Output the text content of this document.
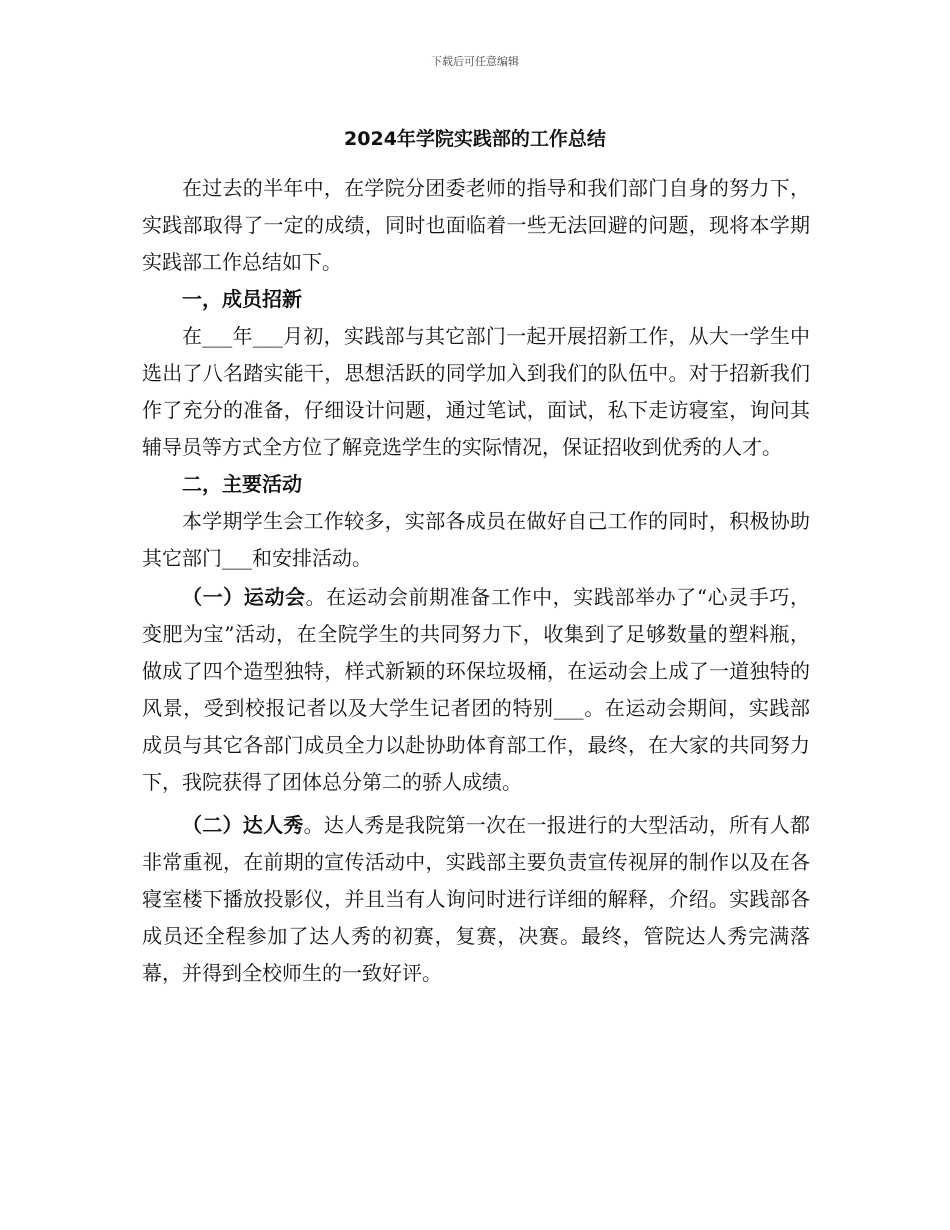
下载后可任意编辑
2024年学院实践部的工作总结

在过去的半年中，在学院分团委老师的指导和我们部门自身的努力下，实践部取得了一定的成绩，同时也面临着一些无法回避的问题，现将本学期实践部工作总结如下。

一，成员招新

在___年___月初，实践部与其它部门一起开展招新工作，从大一学生中选出了八名踏实能干，思想活跃的同学加入到我们的队伍中。对于招新我们作了充分的准备，仔细设计问题，通过笔试，面试，私下走访寝室，询问其辅导员等方式全方位了解竞选学生的实际情况，保证招收到优秀的人才。

二，主要活动

本学期学生会工作较多，实部各成员在做好自己工作的同时，积极协助其它部门___和安排活动。

（一）运动会。在运动会前期准备工作中，实践部举办了“心灵手巧，变肥为宝”活动，在全院学生的共同努力下，收集到了足够数量的塑料瓶，做成了四个造型独特，样式新颖的环保垃圾桶，在运动会上成了一道独特的风景，受到校报记者以及大学生记者团的特别___。在运动会期间，实践部成员与其它各部门成员全力以赴协助体育部工作，最终，在大家的共同努力下，我院获得了团体总分第二的骄人成绩。

（二）达人秀。达人秀是我院第一次在一报进行的大型活动，所有人都非常重视，在前期的宣传活动中，实践部主要负责宣传视屏的制作以及在各寝室楼下播放投影仪，并且当有人询问时进行详细的解释，介绍。实践部各成员还全程参加了达人秀的初赛，复赛，决赛。最终，管院达人秀完满落幕，并得到全校师生的一致好评。
